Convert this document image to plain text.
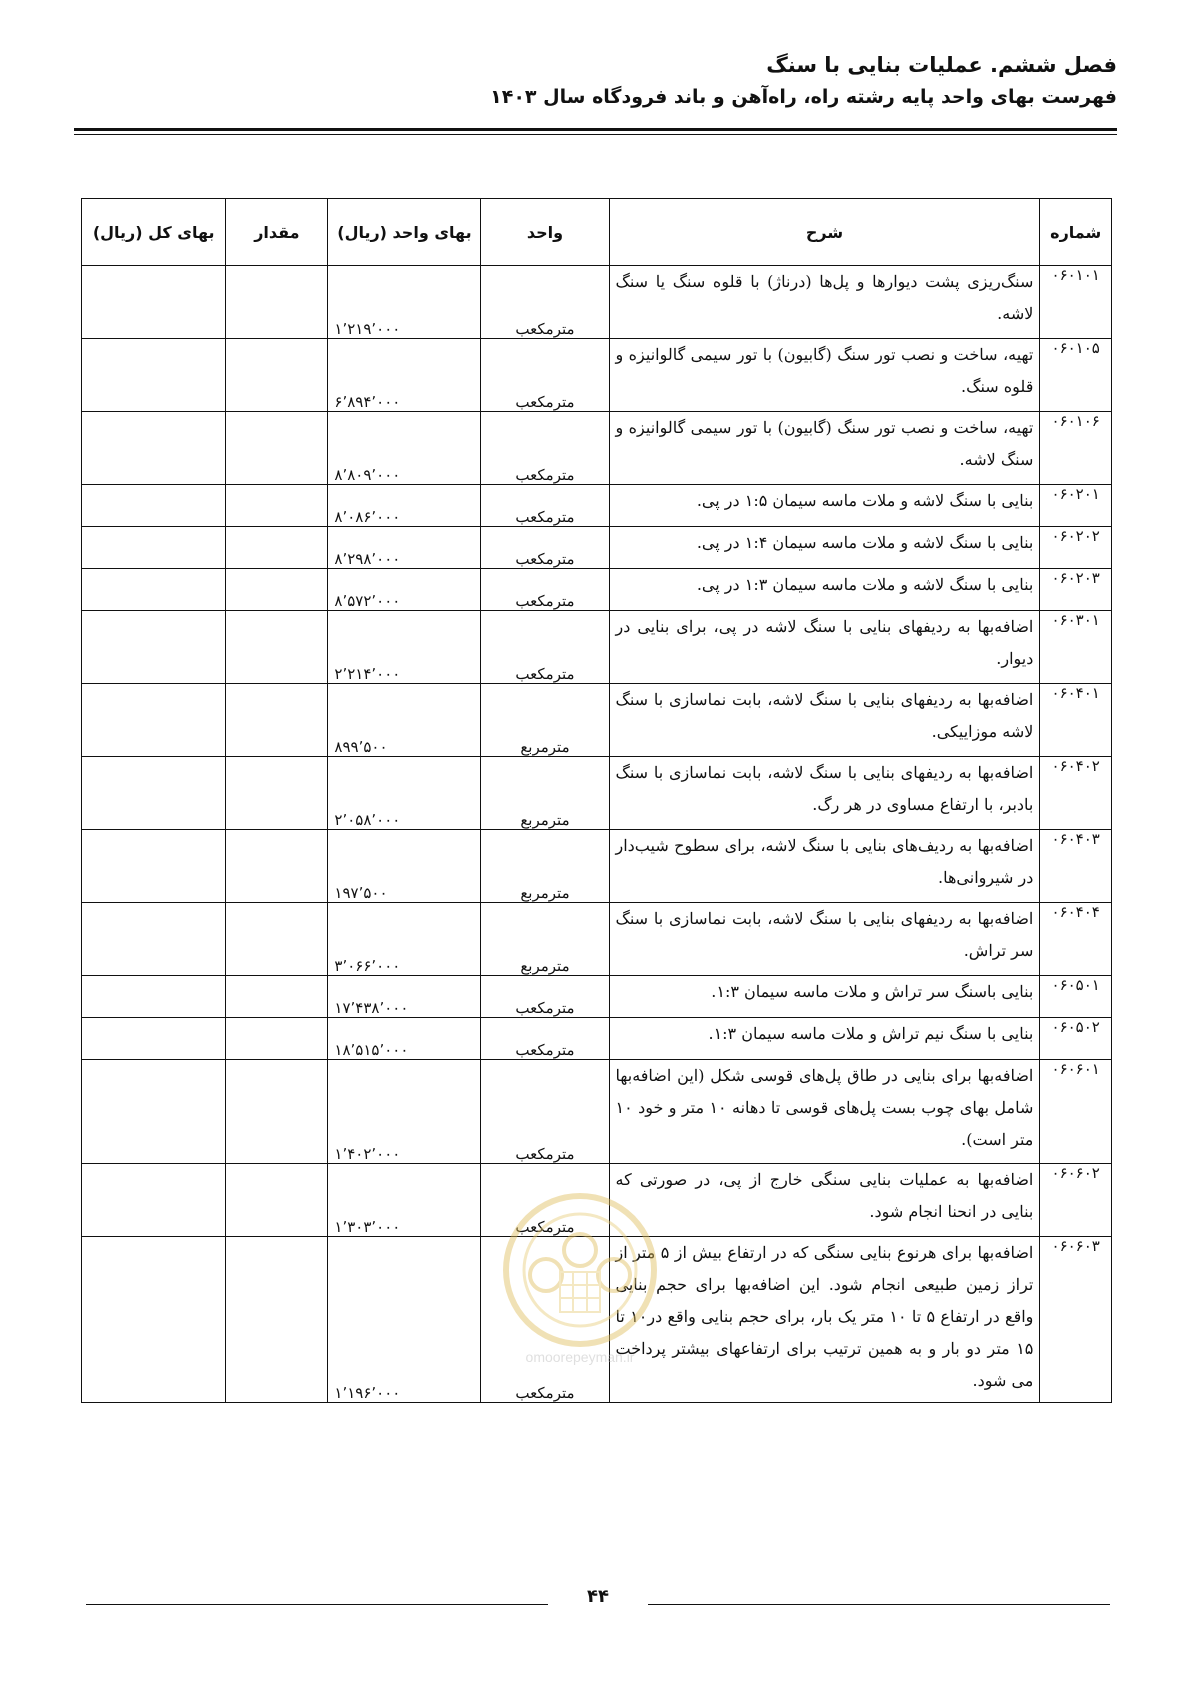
فصل ششم. عملیات بنایی با سنگ
فهرست بهای واحد پایه رشته راه، راه‌آهن و باند فرودگاه سال ۱۴۰۳
شماره	شرح	واحد	بهای واحد (ریال)	مقدار	بهای کل (ریال)
۰۶۰۱۰۱	سنگ‌ریزی پشت دیوارها و پل‌ها (درناژ) با قلوه سنگ یا سنگ لاشه.	مترمکعب	۱٬۲۱۹٬۰۰۰		
۰۶۰۱۰۵	تهیه، ساخت و نصب تور سنگ (گابیون) با تور سیمی گالوانیزه و قلوه سنگ.	مترمکعب	۶٬۸۹۴٬۰۰۰		
۰۶۰۱۰۶	تهیه، ساخت و نصب تور سنگ (گابیون) با تور سیمی گالوانیزه و سنگ لاشه.	مترمکعب	۸٬۸۰۹٬۰۰۰		
۰۶۰۲۰۱	بنایی با سنگ لاشه و ملات ماسه سیمان ۱:۵ در پی.	مترمکعب	۸٬۰۸۶٬۰۰۰		
۰۶۰۲۰۲	بنایی با سنگ لاشه و ملات ماسه سیمان ۱:۴ در پی.	مترمکعب	۸٬۲۹۸٬۰۰۰		
۰۶۰۲۰۳	بنایی با سنگ لاشه و ملات ماسه سیمان ۱:۳ در پی.	مترمکعب	۸٬۵۷۲٬۰۰۰		
۰۶۰۳۰۱	اضافه‌بها به ردیفهای بنایی با سنگ لاشه در پی، برای بنایی در دیوار.	مترمکعب	۲٬۲۱۴٬۰۰۰		
۰۶۰۴۰۱	اضافه‌بها به ردیفهای بنایی با سنگ لاشه، بابت نماسازی با سنگ لاشه موزاییکی.	مترمربع	۸۹۹٬۵۰۰		
۰۶۰۴۰۲	اضافه‌بها به ردیفهای بنایی با سنگ لاشه، بابت نماسازی با سنگ بادبر، با ارتفاع مساوی در هر رگ.	مترمربع	۲٬۰۵۸٬۰۰۰		
۰۶۰۴۰۳	اضافه‌بها به ردیف‌های بنایی با سنگ لاشه، برای سطوح شیب‌دار در شیروانی‌ها.	مترمربع	۱۹۷٬۵۰۰		
۰۶۰۴۰۴	اضافه‌بها به ردیفهای بنایی با سنگ لاشه، بابت نماسازی با سنگ سر تراش.	مترمربع	۳٬۰۶۶٬۰۰۰		
۰۶۰۵۰۱	بنایی باسنگ سر تراش و ملات ماسه سیمان ۱:۳.	مترمکعب	۱۷٬۴۳۸٬۰۰۰		
۰۶۰۵۰۲	بنایی با سنگ نیم تراش و ملات ماسه سیمان ۱:۳.	مترمکعب	۱۸٬۵۱۵٬۰۰۰		
۰۶۰۶۰۱	اضافه‌بها برای بنایی در طاق پل‌های قوسی شکل (این اضافه‌بها شامل بهای چوب بست پل‌های قوسی تا دهانه ۱۰ متر و خود ۱۰ متر است).	مترمکعب	۱٬۴۰۲٬۰۰۰		
۰۶۰۶۰۲	اضافه‌بها به عملیات بنایی سنگی خارج از پی، در صورتی که بنایی در انحنا انجام شود.	مترمکعب	۱٬۳۰۳٬۰۰۰		
۰۶۰۶۰۳	اضافه‌بها برای هرنوع بنایی سنگی که در ارتفاع بیش از ۵ متر از تراز زمین طبیعی انجام شود. این اضافه‌بها برای حجم بنایی واقع در ارتفاع ۵ تا ۱۰ متر یک بار، برای حجم بنایی واقع در۱۰ تا ۱۵ متر دو بار و به همین ترتیب برای ارتفاعهای بیشتر پرداخت می شود.	مترمکعب	۱٬۱۹۶٬۰۰۰		
omoorepeyman.ir
۴۴
